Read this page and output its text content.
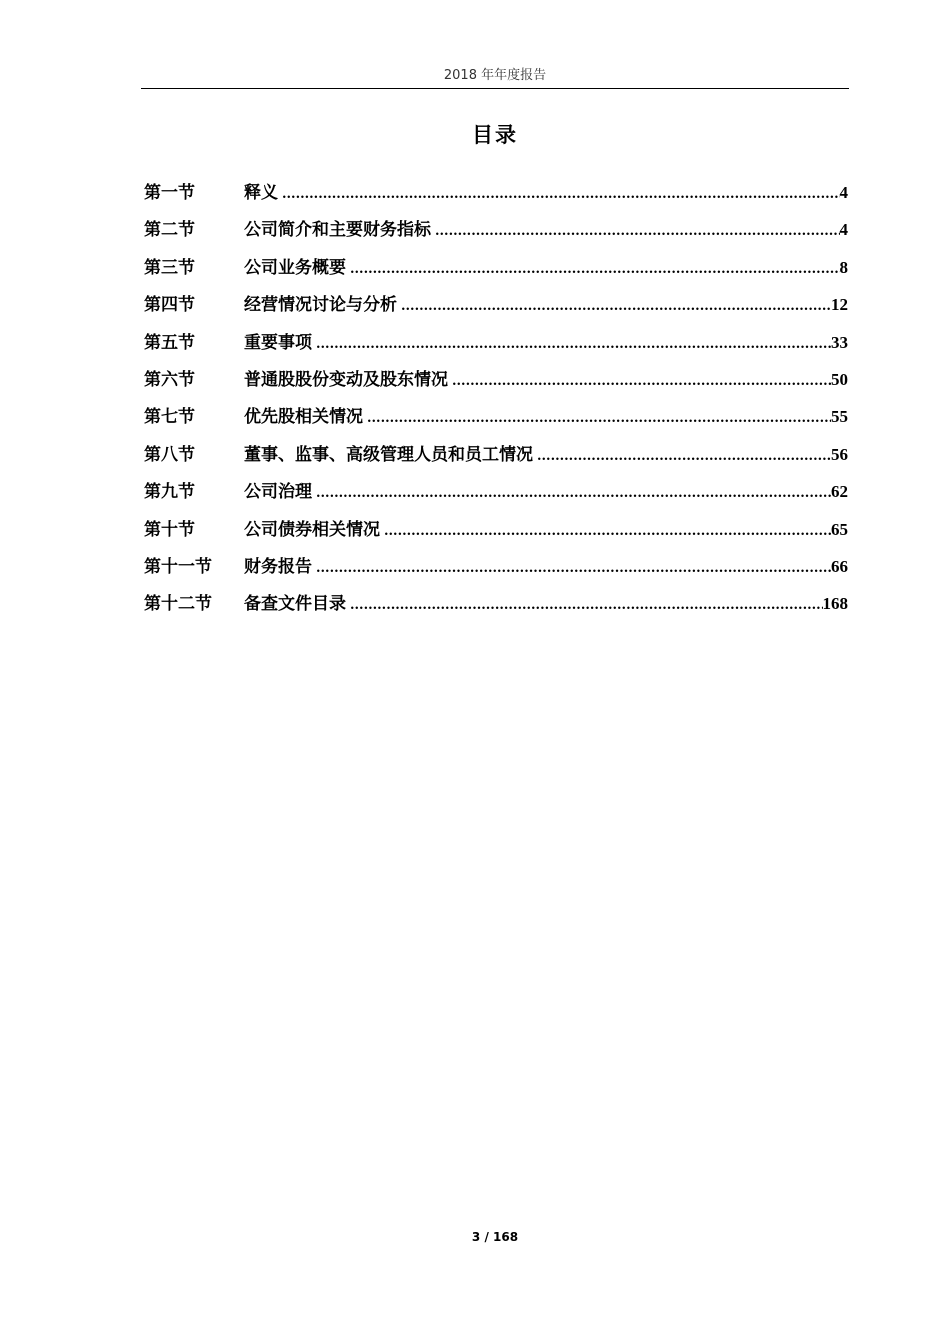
2018 年年度报告
目录
第一节	释义 .....	4
第二节	公司简介和主要财务指标 .....	4
第三节	公司业务概要 .....	8
第四节	经营情况讨论与分析 .....	12
第五节	重要事项 .....	33
第六节	普通股股份变动及股东情况 .....	50
第七节	优先股相关情况 .....	55
第八节	董事、监事、高级管理人员和员工情况 .....	56
第九节	公司治理 .....	62
第十节	公司债券相关情况 .....	65
第十一节	财务报告 .....	66
第十二节	备查文件目录 .....	168
3 / 168
